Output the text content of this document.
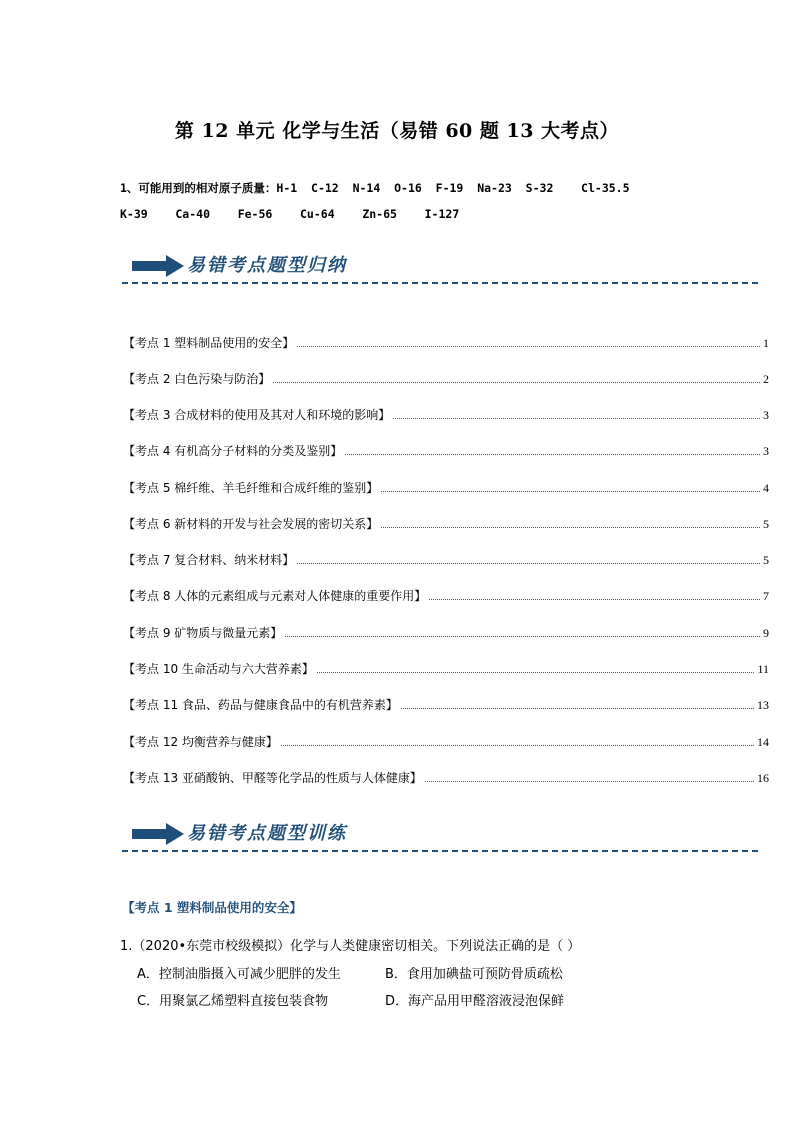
第 12 单元 化学与生活（易错 60 题 13 大考点）
1、可能用到的相对原子质量：H-1  C-12  N-14  O-16  F-19  Na-23  S-32    Cl-35.5
K-39    Ca-40    Fe-56    Cu-64    Zn-65    I-127
易错考点题型归纳
【考点 1 塑料制品使用的安全】	1
【考点 2 白色污染与防治】	2
【考点 3 合成材料的使用及其对人和环境的影响】	3
【考点 4 有机高分子材料的分类及鉴别】	3
【考点 5 棉纤维、羊毛纤维和合成纤维的鉴别】	4
【考点 6 新材料的开发与社会发展的密切关系】	5
【考点 7 复合材料、纳米材料】	5
【考点 8 人体的元素组成与元素对人体健康的重要作用】	7
【考点 9 矿物质与微量元素】	9
【考点 10 生命活动与六大营养素】	11
【考点 11 食品、药品与健康食品中的有机营养素】	13
【考点 12 均衡营养与健康】	14
【考点 13 亚硝酸钠、甲醛等化学品的性质与人体健康】	16
易错考点题型训练
【考点 1 塑料制品使用的安全】
1.（2020•东莞市校级模拟）化学与人类健康密切相关。下列说法正确的是（ ）
A．控制油脂摄入可减少肥胖的发生	B．食用加碘盐可预防骨质疏松
C．用聚氯乙烯塑料直接包装食物	D．海产品用甲醛溶液浸泡保鲜
